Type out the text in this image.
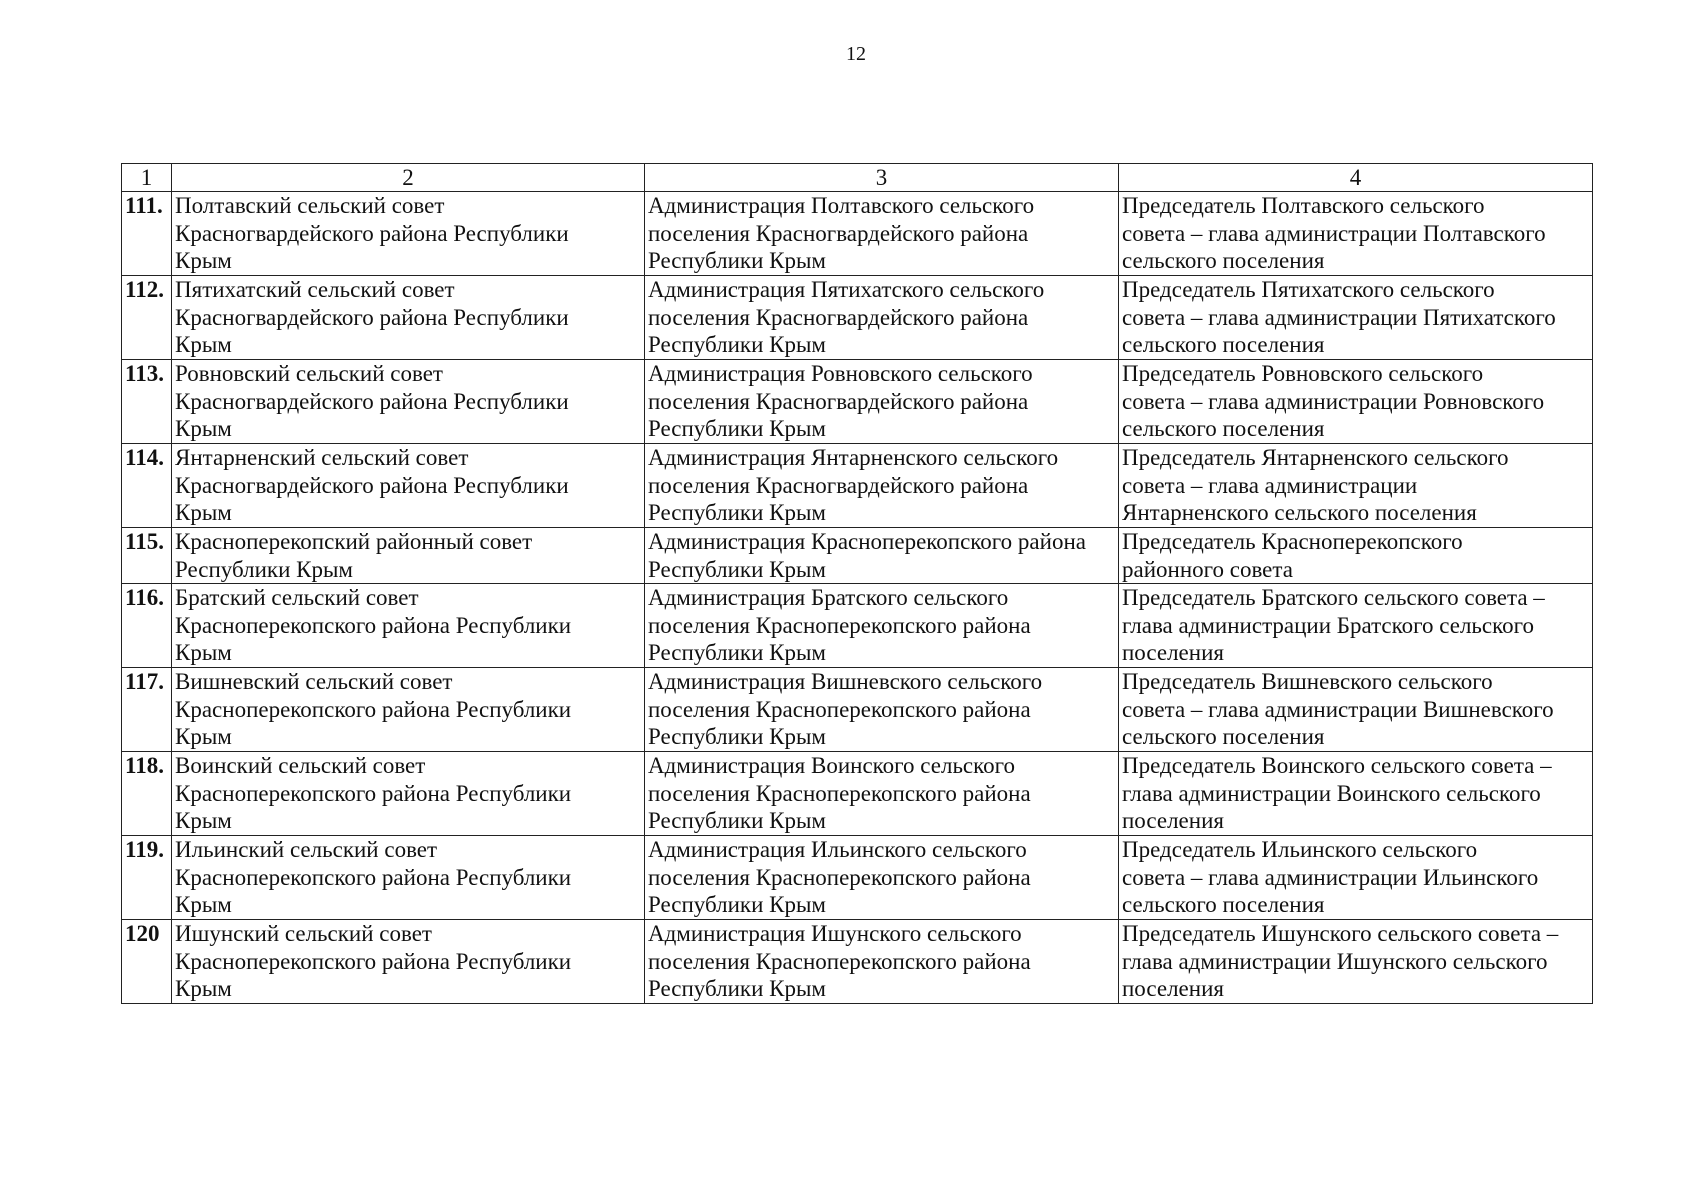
12
1	2	3	4
111.	Полтавский сельский совет
Красногвардейского района Республики
Крым	Администрация Полтавского сельского
поселения Красногвардейского района
Республики Крым	Председатель Полтавского сельского
совета – глава администрации Полтавского
сельского поселения

112.	Пятихатский сельский совет
Красногвардейского района Республики
Крым	Администрация Пятихатского сельского
поселения Красногвардейского района
Республики Крым	Председатель Пятихатского сельского
совета – глава администрации Пятихатского
сельского поселения

113.	Ровновский сельский совет
Красногвардейского района Республики
Крым	Администрация Ровновского сельского
поселения Красногвардейского района
Республики Крым	Председатель Ровновского сельского
совета – глава администрации Ровновского
сельского поселения

114.	Янтарненский сельский совет
Красногвардейского района Республики
Крым	Администрация Янтарненского сельского
поселения Красногвардейского района
Республики Крым	Председатель Янтарненского сельского
совета – глава администрации
Янтарненского сельского поселения

115.	Красноперекопский районный совет
Республики Крым	Администрация Красноперекопского района
Республики Крым	Председатель Красноперекопского
районного совета

116.	Братский сельский совет
Красноперекопского района Республики
Крым	Администрация Братского сельского
поселения Красноперекопского района
Республики Крым	Председатель Братского сельского совета –
глава администрации Братского сельского
поселения

117.	Вишневский сельский совет
Красноперекопского района Республики
Крым	Администрация Вишневского сельского
поселения Красноперекопского района
Республики Крым	Председатель Вишневского сельского
совета – глава администрации Вишневского
сельского поселения

118.	Воинский сельский совет
Красноперекопского района Республики
Крым	Администрация Воинского сельского
поселения Красноперекопского района
Республики Крым	Председатель Воинского сельского совета –
глава администрации Воинского сельского
поселения

119.	Ильинский сельский совет
Красноперекопского района Республики
Крым	Администрация Ильинского сельского
поселения Красноперекопского района
Республики Крым	Председатель Ильинского сельского
совета – глава администрации Ильинского
сельского поселения

120	Ишунский сельский совет
Красноперекопского района Республики
Крым	Администрация Ишунского сельского
поселения Красноперекопского района
Республики Крым	Председатель Ишунского сельского совета –
глава администрации Ишунского сельского
поселения
